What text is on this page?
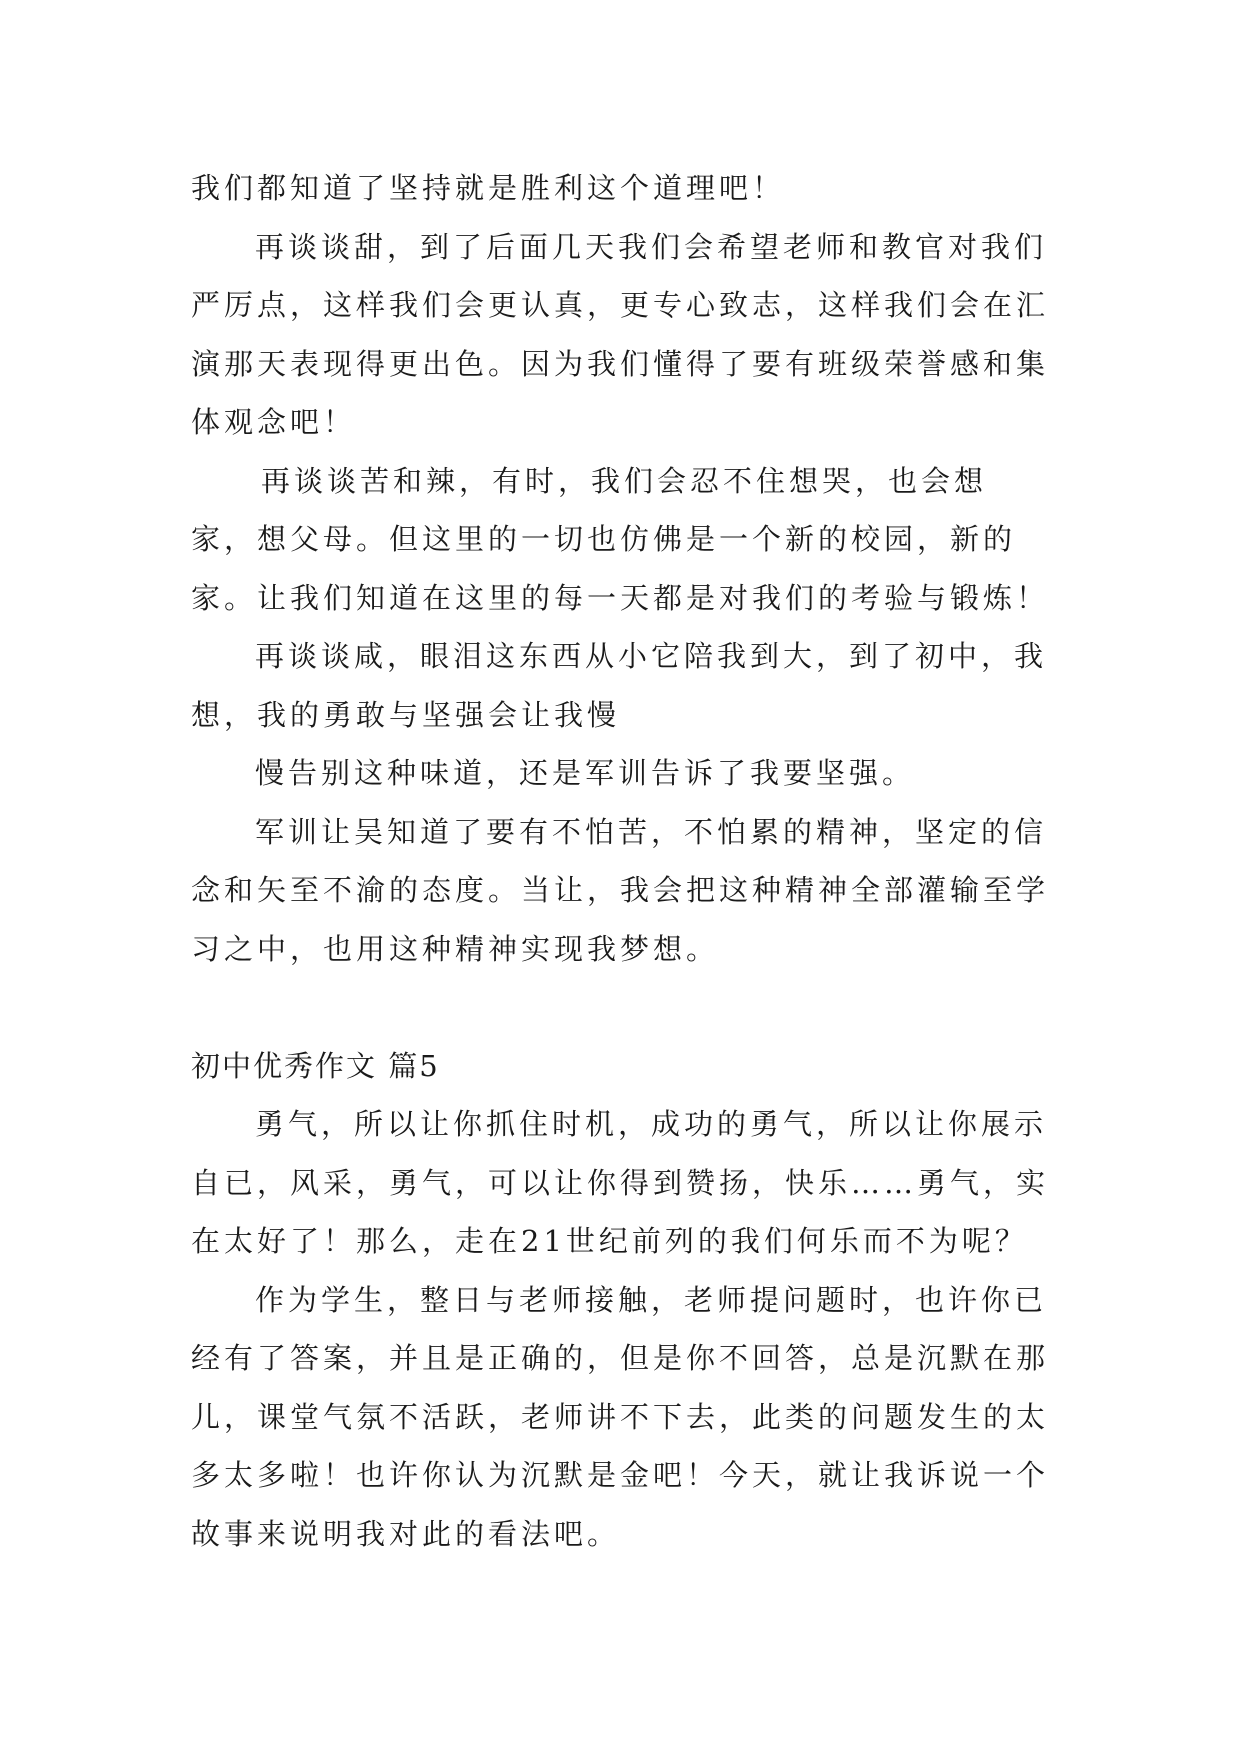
我们都知道了坚持就是胜利这个道理吧！

再谈谈甜，到了后面几天我们会希望老师和教官对我们严厉点，这样我们会更认真，更专心致志，这样我们会在汇演那天表现得更出色。因为我们懂得了要有班级荣誉感和集体观念吧！

再谈谈苦和辣，有时，我们会忍不住想哭，也会想家，想父母。但这里的一切也仿佛是一个新的校园，新的家。让我们知道在这里的每一天都是对我们的考验与锻炼！

再谈谈咸，眼泪这东西从小它陪我到大，到了初中，我想，我的勇敢与坚强会让我慢

慢告别这种味道，还是军训告诉了我要坚强。

军训让吴知道了要有不怕苦，不怕累的精神，坚定的信念和矢至不渝的态度。当让，我会把这种精神全部灌输至学习之中，也用这种精神实现我梦想。

初中优秀作文 篇5

勇气，所以让你抓住时机，成功的勇气，所以让你展示自已，风采，勇气，可以让你得到赞扬，快乐……勇气，实在太好了！那么，走在21世纪前列的我们何乐而不为呢？

作为学生，整日与老师接触，老师提问题时，也许你已经有了答案，并且是正确的，但是你不回答，总是沉默在那儿，课堂气氛不活跃，老师讲不下去，此类的问题发生的太多太多啦！也许你认为沉默是金吧！今天，就让我诉说一个故事来说明我对此的看法吧。
